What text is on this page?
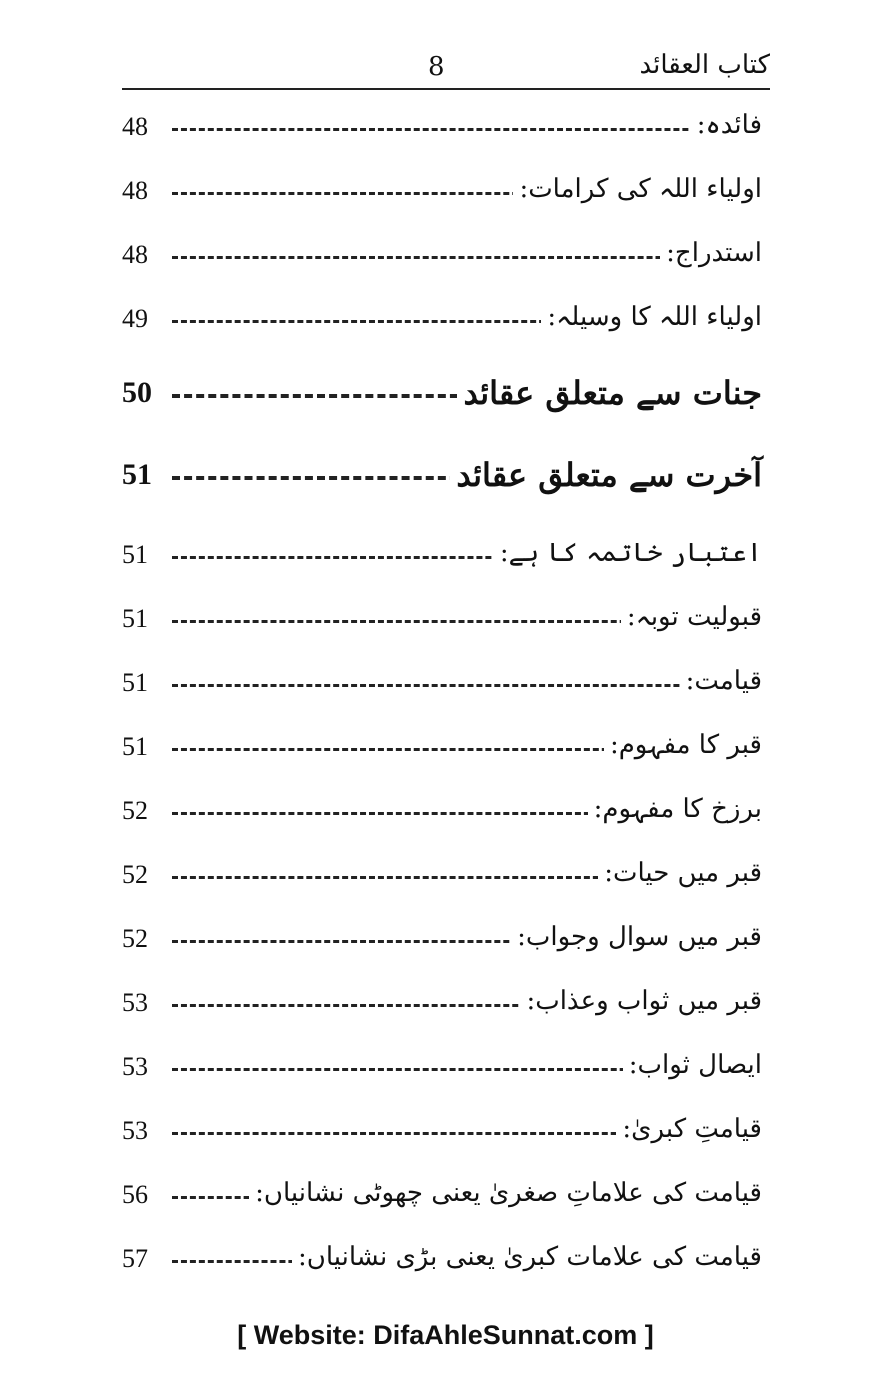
کتاب العقائد
8
فائدہ:
48
اولیاء اللہ کی کرامات:
48
استدراج:
48
اولیاء اللہ کا وسیلہ:
49
جنات سے متعلق عقائد
50
آخرت سے متعلق عقائد
51
اعتبار خاتمہ کا ہے:
51
قبولیت توبہ:
51
قیامت:
51
قبر کا مفہوم:
51
برزخ کا مفہوم:
52
قبر میں حیات:
52
قبر میں سوال وجواب:
52
قبر میں ثواب وعذاب:
53
ایصال ثواب:
53
قیامتِ کبریٰ:
53
قیامت کی علاماتِ صغریٰ یعنی چھوٹی نشانیاں:
56
قیامت کی علامات کبریٰ یعنی بڑی نشانیاں:
57
[ Website: DifaAhleSunnat.com ]
